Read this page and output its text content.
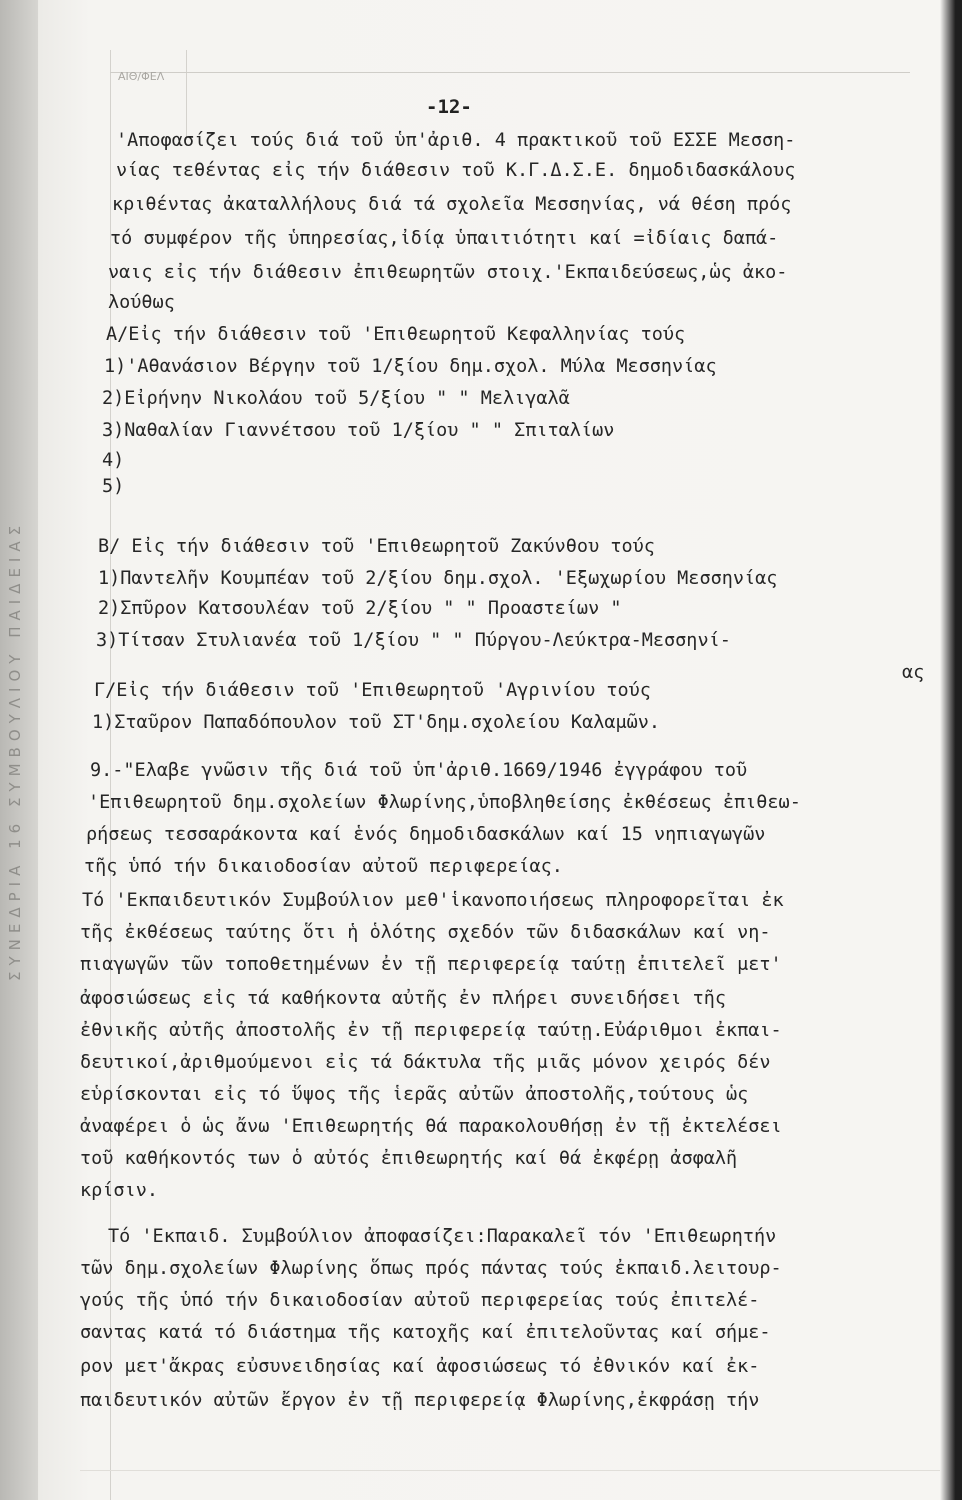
ΣΥΝΕΔΡΙΑ 16 ΣΥΜΒΟΥΛΙΟΥ ΠΑΙΔΕΙΑΣ
ΑΙΘ/ΦΕΛ
-12-
'Αποφασίζει τούς διά τοῦ ὑπ'ἀριθ. 4 πρακτικοῦ τοῦ ΕΣΣΕ Μεσση-
νίας τεθέντας εἰς τήν διάθεσιν τοῦ Κ.Γ.Δ.Σ.Ε. δημοδιδασκάλους
κριθέντας ἀκαταλλήλους διά τά σχολεῖα Μεσσηνίας, νά θέση πρός
τό συμφέρον τῆς ὑπηρεσίας,ἰδίᾳ ὑπαιτιότητι καί =ἰδίαις δαπά-
ναις εἰς τήν διάθεσιν ἐπιθεωρητῶν στοιχ.'Εκπαιδεύσεως,ὡς ἀκο-
λούθως
Α/Εἰς τήν διάθεσιν τοῦ 'Επιθεωρητοῦ Κεφαλληνίας τούς
1)'Αθανάσιον Βέργην τοῦ 1/ξίου δημ.σχολ. Μύλα Μεσσηνίας
2)Εἰρήνην Νικολάου τοῦ 5/ξίου " " Μελιγαλᾶ
3)Ναθαλίαν Γιαννέτσου τοῦ 1/ξίου " " Σπιταλίων
4)
5)
Β/ Εἰς τήν διάθεσιν τοῦ 'Επιθεωρητοῦ Ζακύνθου τούς
1)Παντελῆν Κουμπέαν τοῦ 2/ξίου δημ.σχολ. 'Εξωχωρίου Μεσσηνίας
2)Σπῦρον Κατσουλέαν τοῦ 2/ξίου " " Προαστείων "
3)Τίτσαν Στυλιανέα τοῦ 1/ξίου " " Πύργου-Λεύκτρα-Μεσσηνί-
ας
Γ/Εἰς τήν διάθεσιν τοῦ 'Επιθεωρητοῦ 'Αγρινίου τούς
1)Σταῦρον Παπαδόπουλον τοῦ ΣΤ'δημ.σχολείου Καλαμῶν.
9.-"Ελαβε γνῶσιν τῆς διά τοῦ ὑπ'ἀριθ.1669/1946 ἐγγράφου τοῦ
'Επιθεωρητοῦ δημ.σχολείων Φλωρίνης,ὑποβληθείσης ἐκθέσεως ἐπιθεω-
ρήσεως τεσσαράκοντα καί ἑνός δημοδιδασκάλων καί 15 νηπιαγωγῶν
τῆς ὑπό τήν δικαιοδοσίαν αὐτοῦ περιφερείας.
Τό 'Εκπαιδευτικόν Συμβούλιον μεθ'ἱκανοποιήσεως πληροφορεῖται ἐκ
τῆς ἐκθέσεως ταύτης ὅτι ἡ ὁλότης σχεδόν τῶν διδασκάλων καί νη-
πιαγωγῶν τῶν τοποθετημένων ἐν τῇ περιφερείᾳ ταύτῃ ἐπιτελεῖ μετ'
ἀφοσιώσεως εἰς τά καθήκοντα αὐτῆς ἐν πλήρει συνειδήσει τῆς
ἐθνικῆς αὐτῆς ἀποστολῆς ἐν τῇ περιφερείᾳ ταύτῃ.Εὐάριθμοι ἐκπαι-
δευτικοί,ἀριθμούμενοι εἰς τά δάκτυλα τῆς μιᾶς μόνον χειρός δέν
εὑρίσκονται εἰς τό ὕψος τῆς ἱερᾶς αὐτῶν ἀποστολῆς,τούτους ὡς
ἀναφέρει ὁ ὡς ἄνω 'Επιθεωρητής θά παρακολουθήσῃ ἐν τῇ ἐκτελέσει
τοῦ καθήκοντός των ὁ αὐτός ἐπιθεωρητής καί θά ἐκφέρῃ ἀσφαλῆ
κρίσιν.
Τό 'Εκπαιδ. Συμβούλιον ἀποφασίζει:Παρακαλεῖ τόν 'Επιθεωρητήν
τῶν δημ.σχολείων Φλωρίνης ὅπως πρός πάντας τούς ἐκπαιδ.λειτουρ-
γούς τῆς ὑπό τήν δικαιοδοσίαν αὐτοῦ περιφερείας τούς ἐπιτελέ-
σαντας κατά τό διάστημα τῆς κατοχῆς καί ἐπιτελοῦντας καί σήμε-
ρον μετ'ἄκρας εὐσυνειδησίας καί ἀφοσιώσεως τό ἐθνικόν καί ἐκ-
παιδευτικόν αὐτῶν ἔργον ἐν τῇ περιφερείᾳ Φλωρίνης,ἐκφράσῃ τήν
